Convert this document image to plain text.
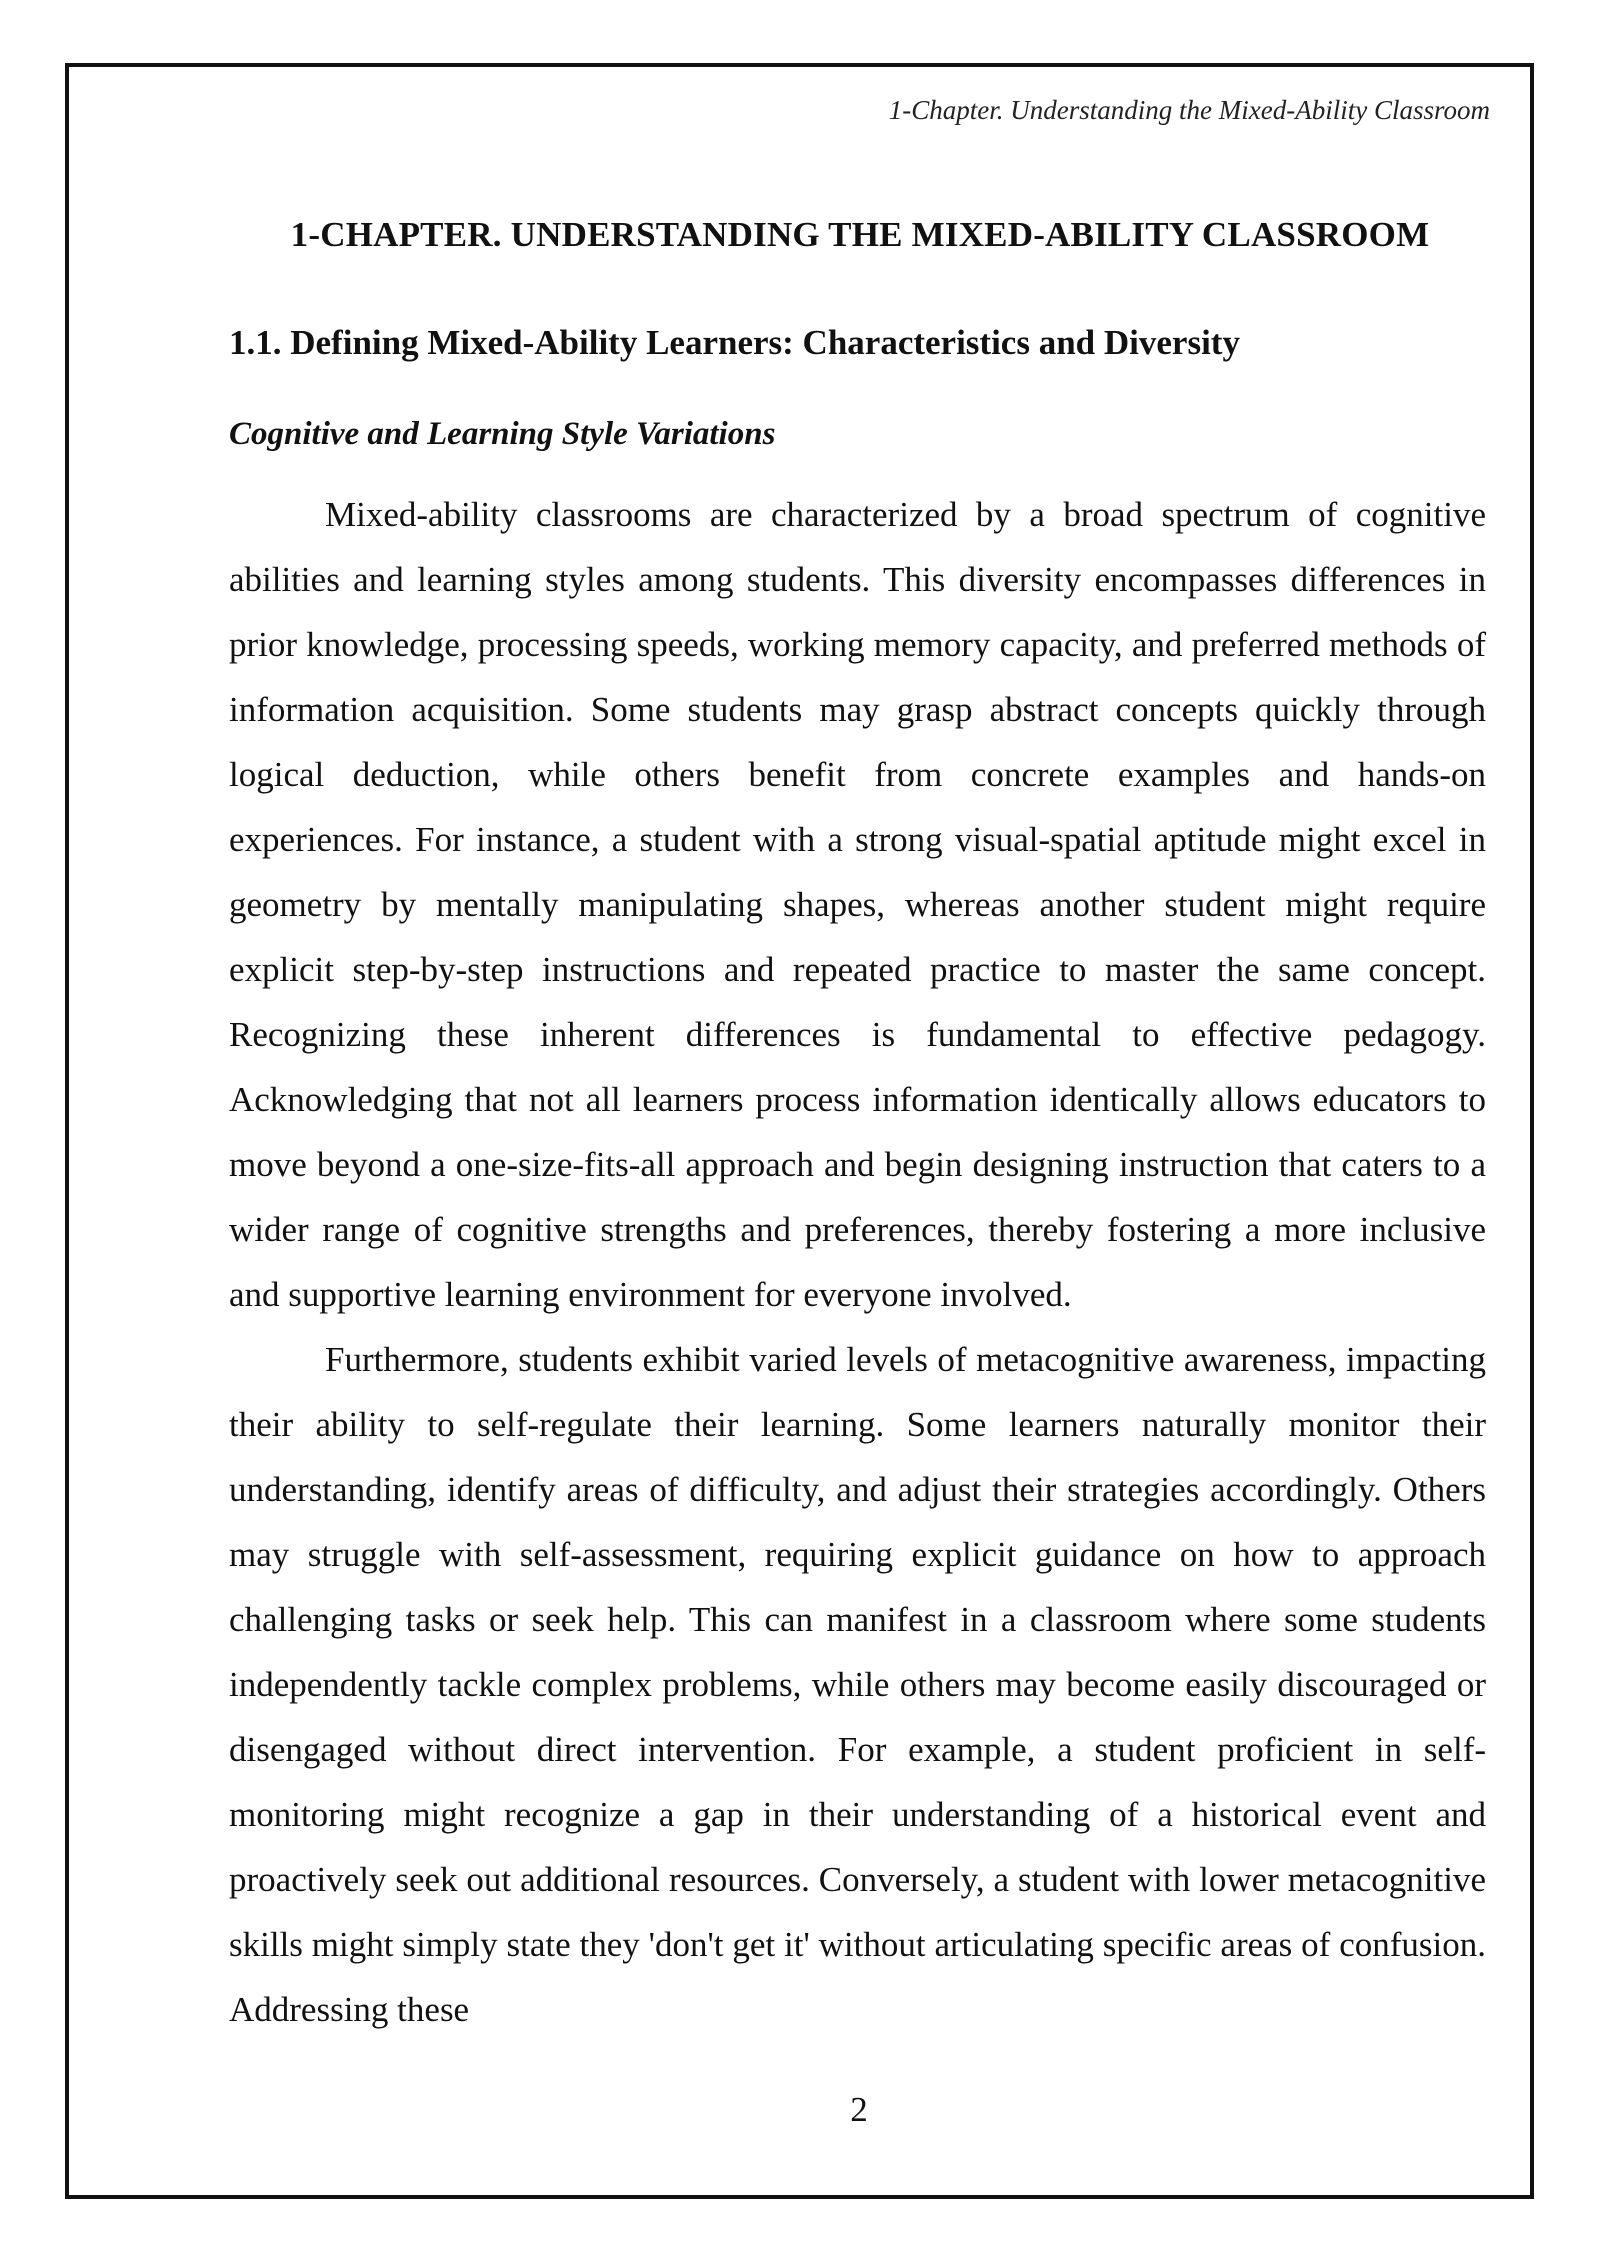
1-Chapter. Understanding the Mixed-Ability Classroom
1-CHAPTER. UNDERSTANDING THE MIXED-ABILITY CLASSROOM
1.1. Defining Mixed-Ability Learners: Characteristics and Diversity
Cognitive and Learning Style Variations

Mixed-ability classrooms are characterized by a broad spectrum of cognitive abilities and learning styles among students. This diversity encompasses differences in prior knowledge, processing speeds, working memory capacity, and preferred methods of information acquisition. Some students may grasp abstract concepts quickly through logical deduction, while others benefit from concrete examples and hands-on experiences. For instance, a student with a strong visual-spatial aptitude might excel in geometry by mentally manipulating shapes, whereas another student might require explicit step-by-step instructions and repeated practice to master the same concept. Recognizing these inherent differences is fundamental to effective pedagogy. Acknowledging that not all learners process information identically allows educators to move beyond a one-size-fits-all approach and begin designing instruction that caters to a wider range of cognitive strengths and preferences, thereby fostering a more inclusive and supportive learning environment for everyone involved.

Furthermore, students exhibit varied levels of metacognitive awareness, impacting their ability to self-regulate their learning. Some learners naturally monitor their understanding, identify areas of difficulty, and adjust their strategies accordingly. Others may struggle with self-assessment, requiring explicit guidance on how to approach challenging tasks or seek help. This can manifest in a classroom where some students independently tackle complex problems, while others may become easily discouraged or disengaged without direct intervention. For example, a student proficient in self-monitoring might recognize a gap in their understanding of a historical event and proactively seek out additional resources. Conversely, a student with lower metacognitive skills might simply state they 'don't get it' without articulating specific areas of confusion. Addressing these

2
